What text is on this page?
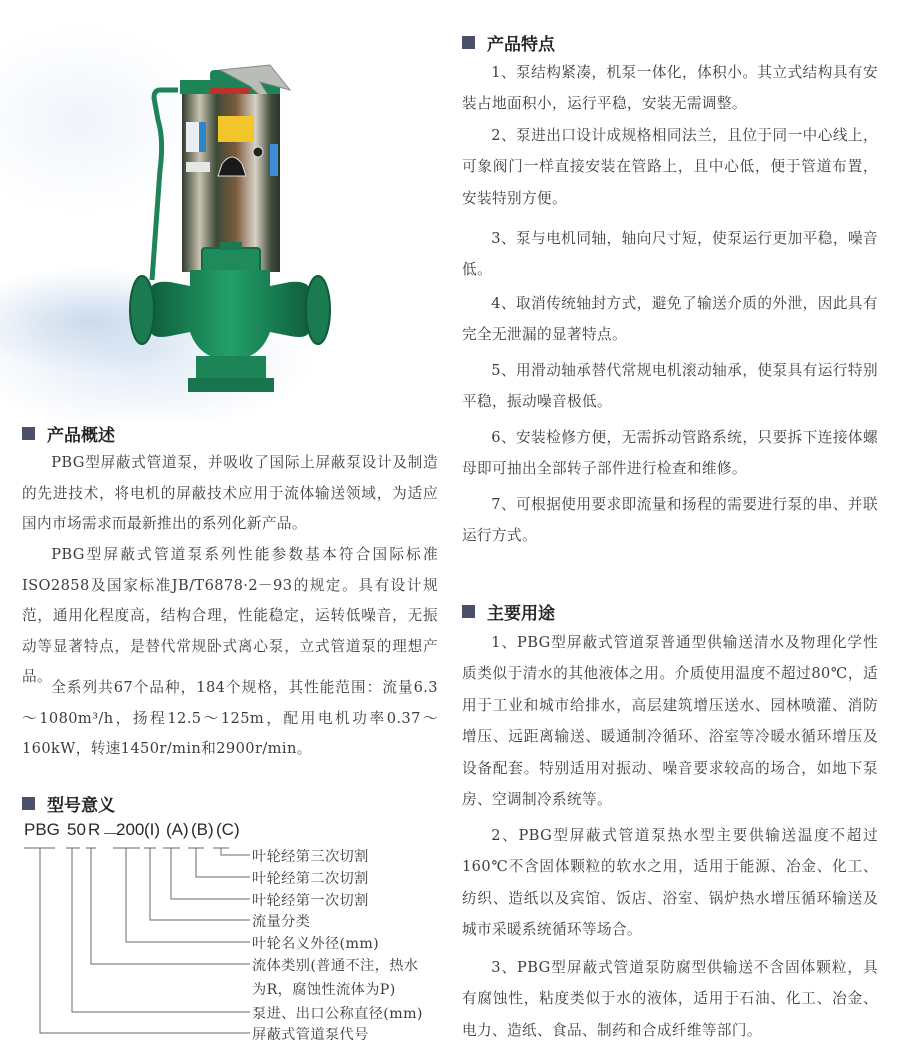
产品特点
1、泵结构紧凑，机泵一体化，体积小。其立式结构具有安装占地面积小，运行平稳，安装无需调整。
2、泵进出口设计成规格相同法兰，且位于同一中心线上，可象阀门一样直接安装在管路上，且中心低，便于管道布置，安装特别方便。
3、泵与电机同轴，轴向尺寸短，使泵运行更加平稳，噪音低。
4、取消传统轴封方式，避免了输送介质的外泄，因此具有完全无泄漏的显著特点。
5、用滑动轴承替代常规电机滚动轴承，使泵具有运行特别平稳，振动噪音极低。
6、安装检修方便，无需拆动管路系统，只要拆下连接体螺母即可抽出全部转子部件进行检查和维修。
7、可根据使用要求即流量和扬程的需要进行泵的串、并联运行方式。
主要用途
1、PBG型屏蔽式管道泵普通型供输送清水及物理化学性质类似于清水的其他液体之用。介质使用温度不超过80℃，适用于工业和城市给排水，高层建筑增压送水、园林喷灌、消防增压、远距离输送、暖通制冷循环、浴室等冷暖水循环增压及设备配套。特别适用对振动、噪音要求较高的场合，如地下泵房、空调制冷系统等。
2、PBG型屏蔽式管道泵热水型主要供输送温度不超过160℃不含固体颗粒的软水之用，适用于能源、冶金、化工、纺织、造纸以及宾馆、饭店、浴室、锅炉热水增压循环输送及城市采暖系统循环等场合。
3、PBG型屏蔽式管道泵防腐型供输送不含固体颗粒，具有腐蚀性，粘度类似于水的液体，适用于石油、化工、冶金、电力、造纸、食品、制药和合成纤维等部门。
产品概述
PBG型屏蔽式管道泵，并吸收了国际上屏蔽泵设计及制造的先进技术，将电机的屏蔽技术应用于流体输送领域，为适应国内市场需求而最新推出的系列化新产品。
PBG型屏蔽式管道泵系列性能参数基本符合国际标准ISO2858及国家标准JB/T6878·2－93的规定。具有设计规范，通用化程度高，结构合理，性能稳定，运转低噪音，无振动等显著特点，是替代常规卧式离心泵，立式管道泵的理想产品。
全系列共67个品种，184个规格，其性能范围：流量6.3～1080m³/h，扬程12.5～125m，配用电机功率0.37～160kW，转速1450r/min和2900r/min。
型号意义
PBG 50 R －
200 (I) (A) (B) (C)
叶轮经第三次切割
叶轮经第二次切割
叶轮经第一次切割
流量分类
叶轮名义外径(mm)
流体类别(普通不注，热水
为R，腐蚀性流体为P)
泵进、出口公称直径(mm)
屏蔽式管道泵代号
